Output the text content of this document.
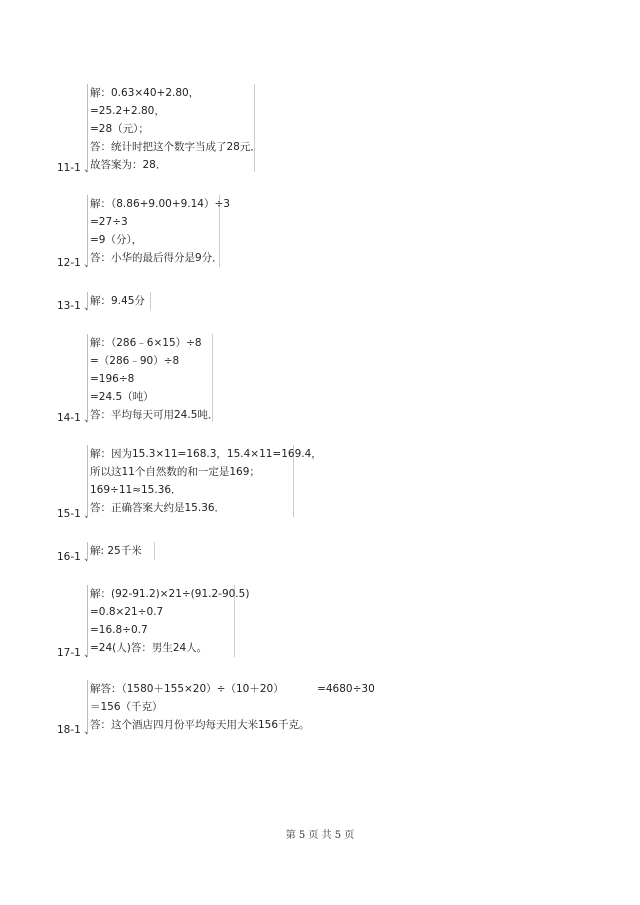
11-1 、
解：0.63×40+2.80，
=25.2+2.80，
=28（元）；
答：统计时把这个数字当成了28元．
故答案为：28．
12-1 、
解：（8.86+9.00+9.14）÷3
=27÷3
=9（分），
答：小华的最后得分是9分．
13-1 、
解：9.45分
14-1 、
解：（286﹣6×15）÷8
=（286﹣90）÷8
=196÷8
=24.5（吨）
答：平均每天可用24.5吨．
15-1 、
解：因为15.3×11=168.3，15.4×11=169.4，
所以这11个自然数的和一定是169；
169÷11≈15.36．
答：正确答案大约是15.36．
16-1 、
解: 25千米
17-1 、
解：(92-91.2)×21÷(91.2-90.5)
=0.8×21÷0.7
=16.8÷0.7
=24(人)答：男生24人。
18-1 、
解答：（1580＋155×20）÷（10＋20）          =4680÷30
＝156（千克）
答：这个酒店四月份平均每天用大米156千克。
第 5 页 共 5 页
